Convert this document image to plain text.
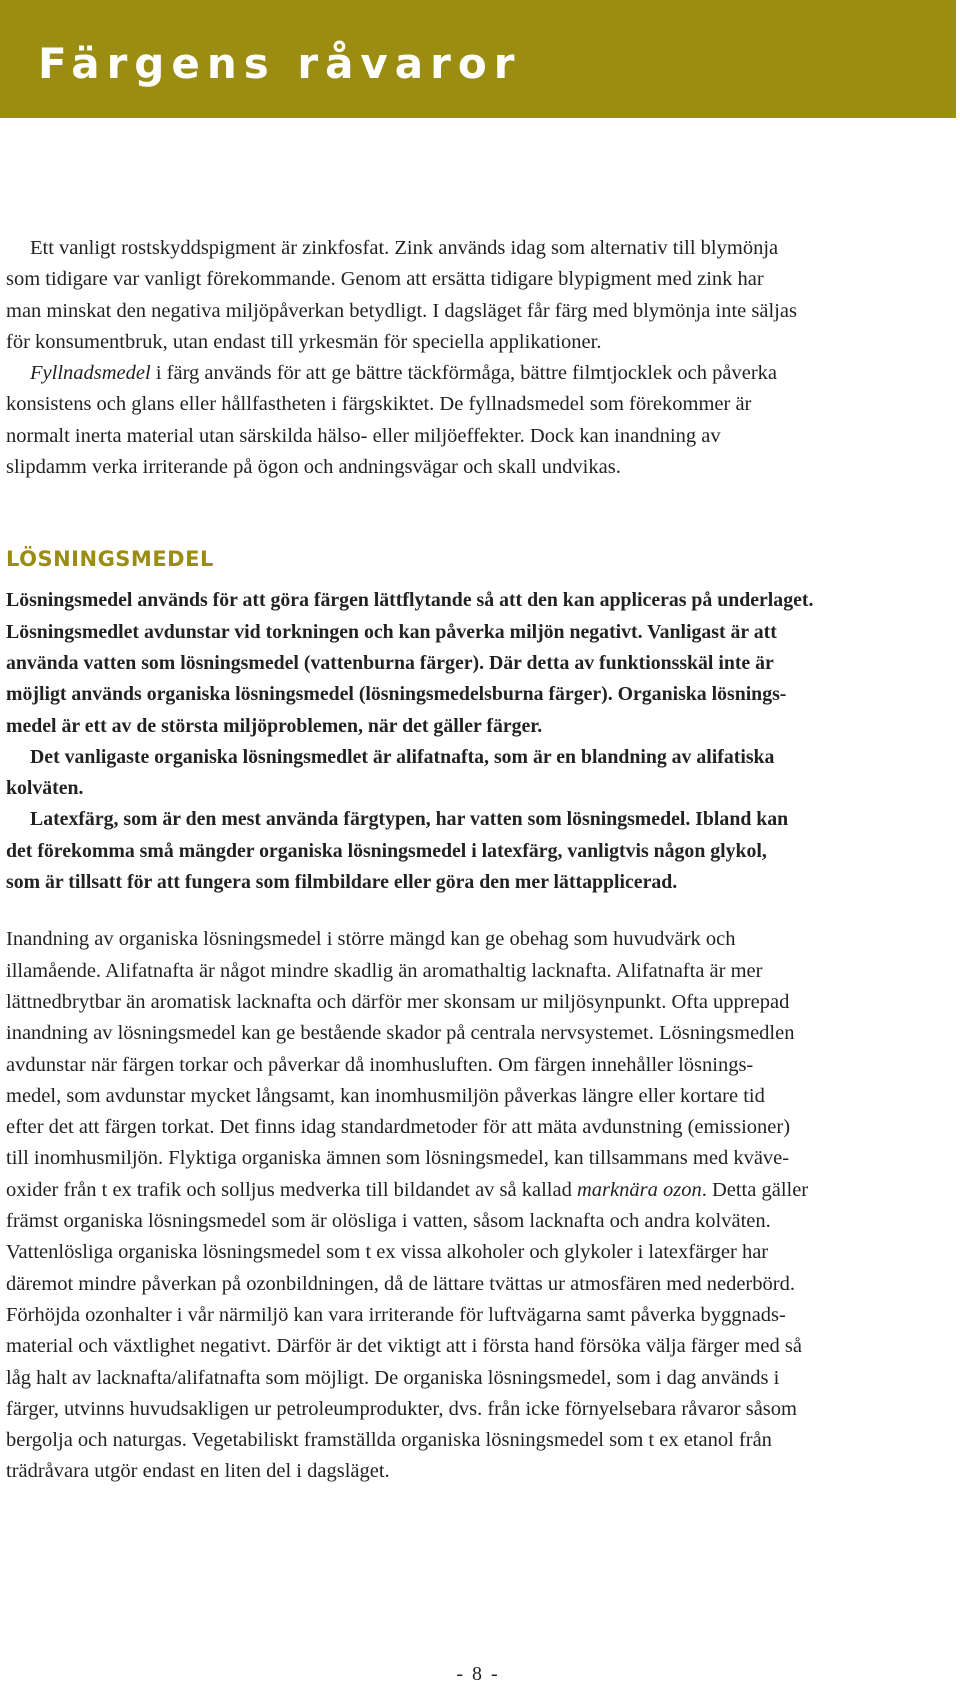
Färgens råvaror

Ett vanligt rostskyddspigment är zinkfosfat. Zink används idag som alternativ till blymönja

som tidigare var vanligt förekommande. Genom att ersätta tidigare blypigment med zink har

man minskat den negativa miljöpåverkan betydligt. I dagsläget får färg med blymönja inte säljas

för konsumentbruk, utan endast till yrkesmän för speciella applikationer.

Fyllnadsmedel i färg används för att ge bättre täckförmåga, bättre filmtjocklek och påverka

konsistens och glans eller hållfastheten i färgskiktet. De fyllnadsmedel som förekommer är

normalt inerta material utan särskilda hälso- eller miljöeffekter. Dock kan inandning av

slipdamm verka irriterande på ögon och andningsvägar och skall undvikas.

LÖSNINGSMEDEL

Lösningsmedel används för att göra färgen lättflytande så att den kan appliceras på underlaget.

Lösningsmedlet avdunstar vid torkningen och kan påverka miljön negativt. Vanligast är att

använda vatten som lösningsmedel (vattenburna färger). Där detta av funktionsskäl inte är

möjligt används organiska lösningsmedel (lösningsmedelsburna färger). Organiska lösnings-

medel är ett av de största miljöproblemen, när det gäller färger.

Det vanligaste organiska lösningsmedlet är alifatnafta, som är en blandning av alifatiska

kolväten.

Latexfärg, som är den mest använda färgtypen, har vatten som lösningsmedel. Ibland kan

det förekomma små mängder organiska lösningsmedel i latexfärg, vanligtvis någon glykol,

som är tillsatt för att fungera som filmbildare eller göra den mer lättapplicerad.

Inandning av organiska lösningsmedel i större mängd kan ge obehag som huvudvärk och

illamående. Alifatnafta är något mindre skadlig än aromathaltig lacknafta. Alifatnafta är mer

lättnedbrytbar än aromatisk lacknafta och därför mer skonsam ur miljösynpunkt. Ofta upprepad

inandning av lösningsmedel kan ge bestående skador på centrala nervsystemet. Lösningsmedlen

avdunstar när färgen torkar och påverkar då inomhusluften. Om färgen innehåller lösnings-

medel, som avdunstar mycket långsamt, kan inomhusmiljön påverkas längre eller kortare tid

efter det att färgen torkat. Det finns idag standardmetoder för att mäta avdunstning (emissioner)

till inomhusmiljön. Flyktiga organiska ämnen som lösningsmedel, kan tillsammans med kväve-

oxider från t ex trafik och solljus medverka till bildandet av så kallad marknära ozon. Detta gäller

främst organiska lösningsmedel som är olösliga i vatten, såsom lacknafta och andra kolväten.

Vattenlösliga organiska lösningsmedel som t ex vissa alkoholer och glykoler i latexfärger har

däremot mindre påverkan på ozonbildningen, då de lättare tvättas ur atmosfären med nederbörd.

Förhöjda ozonhalter i vår närmiljö kan vara irriterande för luftvägarna samt påverka byggnads-

material och växtlighet negativt. Därför är det viktigt att i första hand försöka välja färger med så

låg halt av lacknafta/alifatnafta som möjligt. De organiska lösningsmedel, som i dag används i

färger, utvinns huvudsakligen ur petroleumprodukter, dvs. från icke förnyelsebara råvaror såsom

bergolja och naturgas. Vegetabiliskt framställda organiska lösningsmedel som t ex etanol från

trädråvara utgör endast en liten del i dagsläget.

- 8 -
